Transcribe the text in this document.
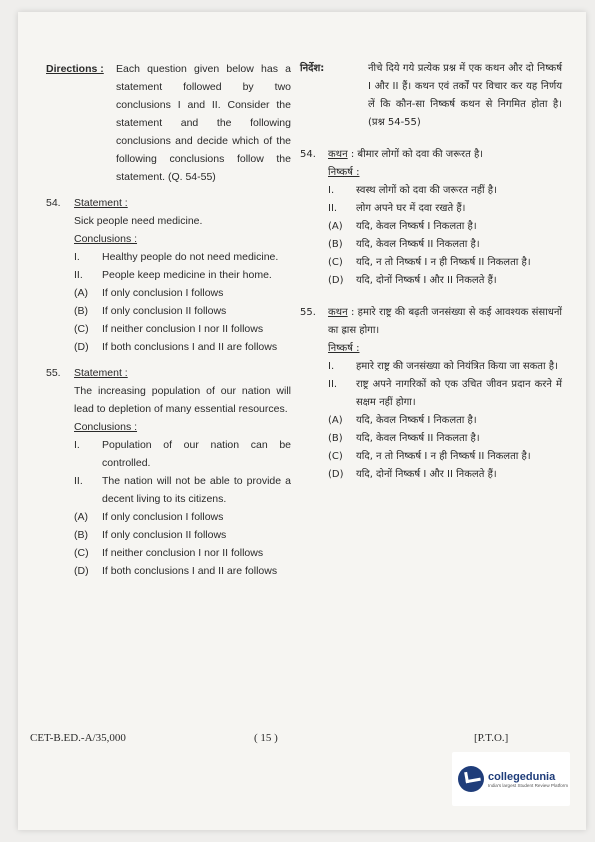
Directions :	Each question given below has a statement followed by two conclusions I and II. Consider the statement and the following conclusions and decide which of the following conclusions follow the statement. (Q. 54-55)
54.	Statement :
Sick people need medicine.
Conclusions :
I.	Healthy people do not need medicine.
II.	People keep medicine in their home.
(A)	If only conclusion I follows
(B)	If only conclusion II follows
(C)	If neither conclusion I nor II follows
(D)	If both conclusions I and II are follows
55.	Statement :
The increasing population of our nation will lead to depletion of many essential resources.
Conclusions :
I.	Population of our nation can be controlled.
II.	The nation will not be able to provide a decent living to its citizens.
(A)	If only conclusion I follows
(B)	If only conclusion II follows
(C)	If neither conclusion I nor II follows
(D)	If both conclusions I and II are follows
निर्देश:	नीचे दिये गये प्रत्येक प्रश्न में एक कथन और दो निष्कर्ष I और II हैं। कथन एवं तर्कों पर विचार कर यह निर्णय लें कि कौन-सा निष्कर्ष कथन से निगमित होता है। (प्रश्न 54-55)
54.	कथन : बीमार लोगों को दवा की जरूरत है।
निष्कर्ष :
I.	स्वस्थ लोगों को दवा की जरूरत नहीं है।
II.	लोग अपने घर में दवा रखते हैं।
(A)	यदि, केवल निष्कर्ष I निकलता है।
(B)	यदि, केवल निष्कर्ष II निकलता है।
(C)	यदि, न तो निष्कर्ष I न ही निष्कर्ष II निकलता है।
(D)	यदि, दोनों निष्कर्ष I और II निकलते हैं।
55.	कथन : हमारे राष्ट्र की बढ़ती जनसंख्या से कई आवश्यक संसाधनों का ह्रास होगा।
निष्कर्ष :
I.	हमारे राष्ट्र की जनसंख्या को नियंत्रित किया जा सकता है।
II.	राष्ट्र अपने नागरिकों को एक उचित जीवन प्रदान करने में सक्षम नहीं होगा।
(A)	यदि, केवल निष्कर्ष I निकलता है।
(B)	यदि, केवल निष्कर्ष II निकलता है।
(C)	यदि, न तो निष्कर्ष I न ही निष्कर्ष II निकलता है।
(D)	यदि, दोनों निष्कर्ष I और II निकलते हैं।
CET-B.ED.-A/35,000	( 15 )	[P.T.O.]
collegedunia
India's largest Student Review Platform
